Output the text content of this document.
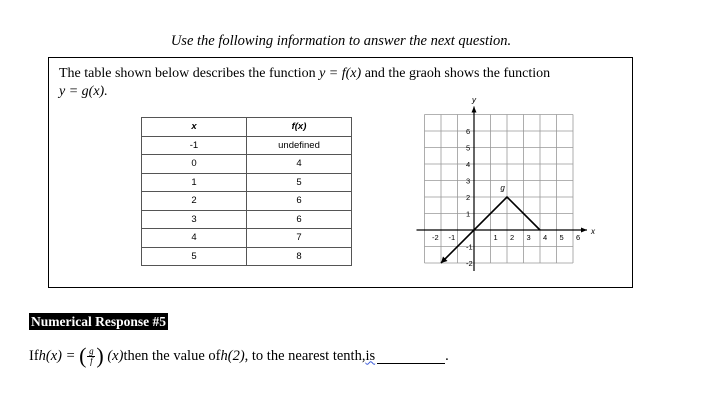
Use the following information to answer the next question.
The table shown below describes the function y = f(x) and the graoh shows the function
y = g(x).
x	f(x)
-1	undefined
0	4
1	5
2	6
3	6
4	7
5	8
x
y
-2 -1	1 2 3 4 5 6
6
5
4
3
2
1
-1
-2
g
Numerical Response #5
If h(x) =
( $\frac{g}{f}$ )
(x) then the value of h(2) , to the nearest tenth, is	.
